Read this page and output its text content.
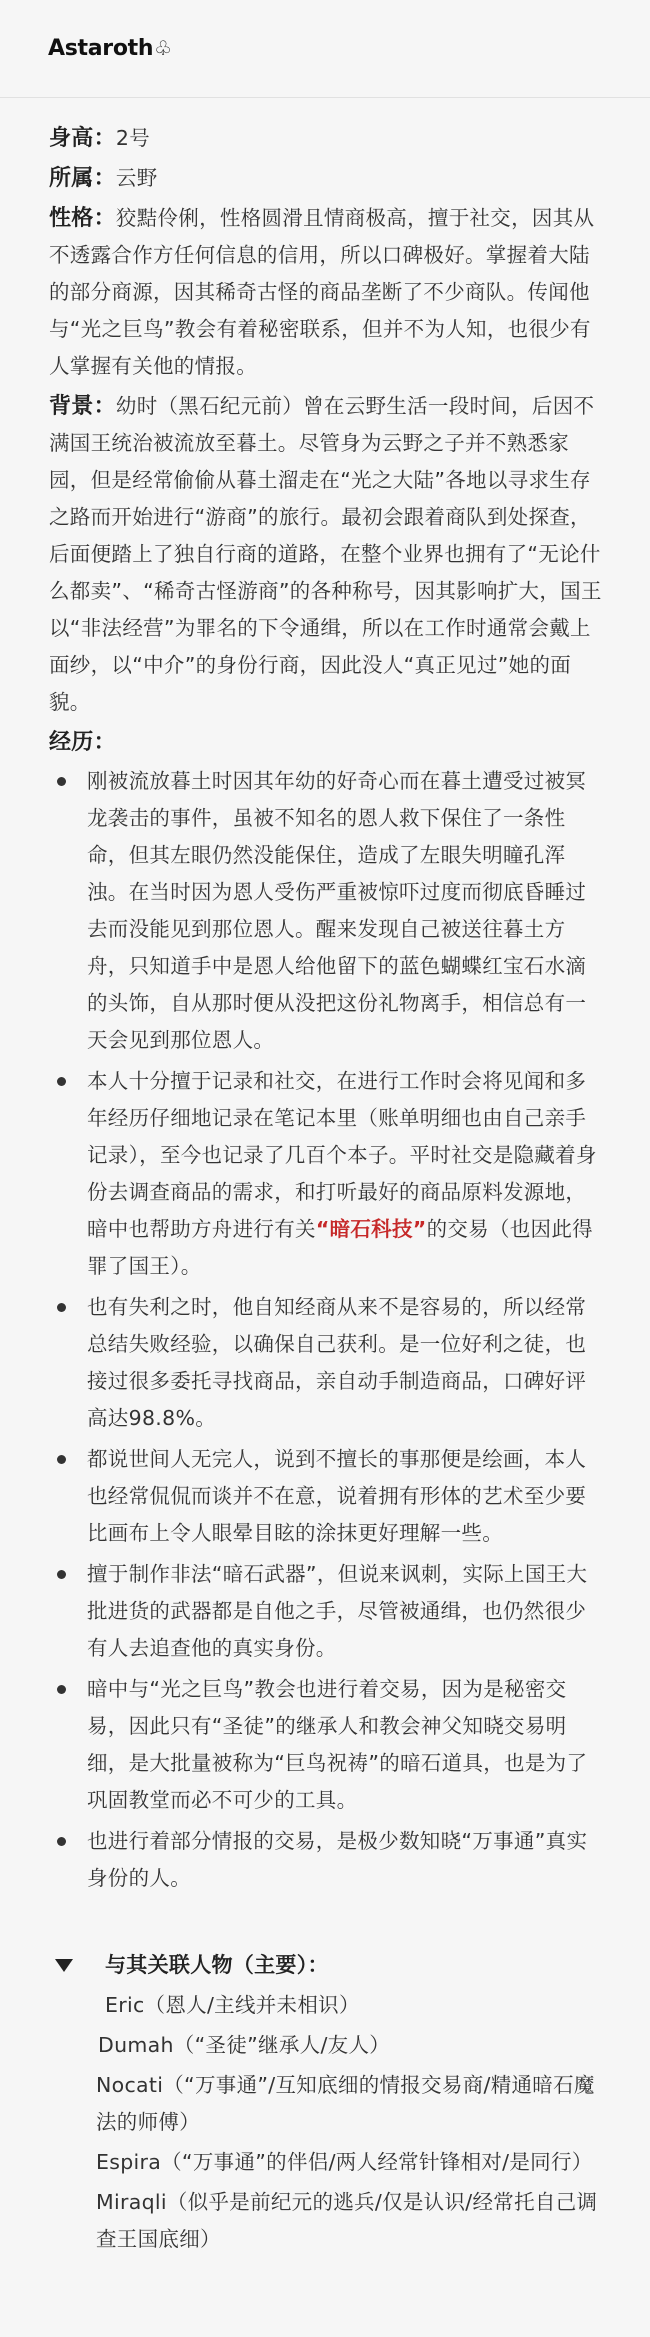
Astaroth♧

身高：2号

所属：云野

性格：狡黠伶俐，性格圆滑且情商极高，擅于社交，因其从不透露合作方任何信息的信用，所以口碑极好。掌握着大陆的部分商源，因其稀奇古怪的商品垄断了不少商队。传闻他与“光之巨鸟”教会有着秘密联系，但并不为人知，也很少有人掌握有关他的情报。

背景：幼时（黑石纪元前）曾在云野生活一段时间，后因不满国王统治被流放至暮土。尽管身为云野之子并不熟悉家园，但是经常偷偷从暮土溜走在“光之大陆”各地以寻求生存之路而开始进行“游商”的旅行。最初会跟着商队到处探查，后面便踏上了独自行商的道路，在整个业界也拥有了“无论什么都卖”、“稀奇古怪游商”的各种称号，因其影响扩大，国王以“非法经营”为罪名的下令通缉，所以在工作时通常会戴上面纱，以“中介”的身份行商，因此没人“真正见过”她的面貌。

经历：

刚被流放暮土时因其年幼的好奇心而在暮土遭受过被冥龙袭击的事件，虽被不知名的恩人救下保住了一条性命，但其左眼仍然没能保住，造成了左眼失明瞳孔浑浊。在当时因为恩人受伤严重被惊吓过度而彻底昏睡过去而没能见到那位恩人。醒来发现自己被送往暮土方舟，只知道手中是恩人给他留下的蓝色蝴蝶红宝石水滴的头饰，自从那时便从没把这份礼物离手，相信总有一天会见到那位恩人。
本人十分擅于记录和社交，在进行工作时会将见闻和多年经历仔细地记录在笔记本里（账单明细也由自己亲手记录），至今也记录了几百个本子。平时社交是隐藏着身份去调查商品的需求，和打听最好的商品原料发源地，暗中也帮助方舟进行有关“暗石科技”的交易（也因此得罪了国王）。
也有失利之时，他自知经商从来不是容易的，所以经常总结失败经验，以确保自己获利。是一位好利之徒，也接过很多委托寻找商品，亲自动手制造商品，口碑好评高达98.8%。
都说世间人无完人，说到不擅长的事那便是绘画，本人也经常侃侃而谈并不在意，说着拥有形体的艺术至少要比画布上令人眼晕目眩的涂抹更好理解一些。
擅于制作非法“暗石武器”，但说来讽刺，实际上国王大批进货的武器都是自他之手，尽管被通缉，也仍然很少有人去追查他的真实身份。
暗中与“光之巨鸟”教会也进行着交易，因为是秘密交易，因此只有“圣徒”的继承人和教会神父知晓交易明细，是大批量被称为“巨鸟祝祷”的暗石道具，也是为了巩固教堂而必不可少的工具。
也进行着部分情报的交易，是极少数知晓“万事通”真实身份的人。
与其关联人物（主要）：
Eric（恩人/主线并未相识）
Dumah（“圣徒”继承人/友人）
Nocati（“万事通”/互知底细的情报交易商/精通暗石魔法的师傅）
Espira（“万事通”的伴侣/两人经常针锋相对/是同行）
Miraqli（似乎是前纪元的逃兵/仅是认识/经常托自己调查王国底细）
